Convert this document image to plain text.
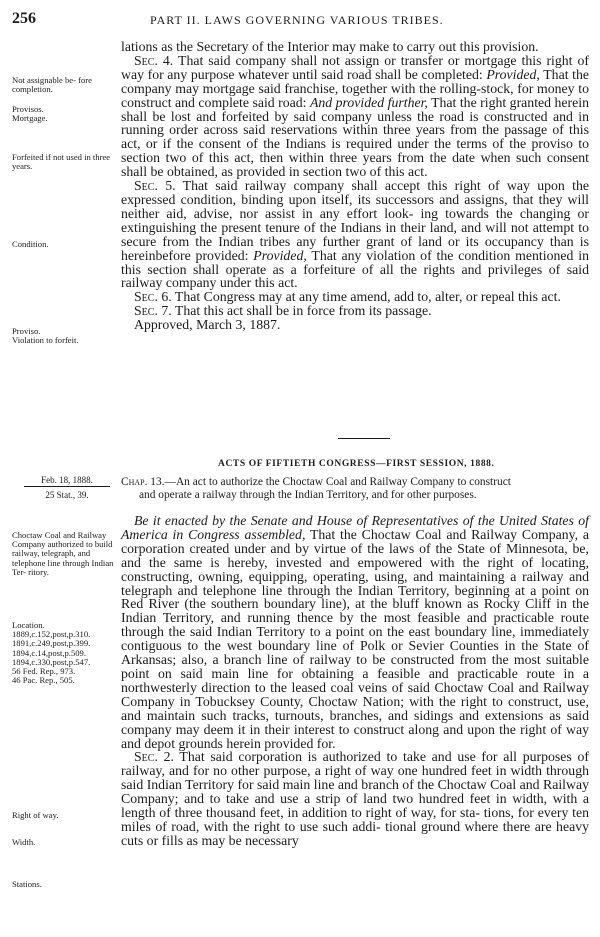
256	PART II. LAWS GOVERNING VARIOUS TRIBES.

lations as the Secretary of the Interior may make to carry out this provision.

Sec. 4. That said company shall not assign or transfer or mortgage this right of way for any purpose whatever until said road shall be completed: Provided, That the company may mortgage said franchise, together with the rolling-stock, for money to construct and complete said road: And provided further, That the right granted herein shall be lost and forfeited by said company unless the road is constructed and in running order across said reservations within three years from the passage of this act, or if the consent of the Indians is required under the terms of the proviso to section two of this act, then within three years from the date when such consent shall be obtained, as provided in section two of this act.

Sec. 5. That said railway company shall accept this right of way upon the expressed condition, binding upon itself, its successors and assigns, that they will neither aid, advise, nor assist in any effort look- ing towards the changing or extinguishing the present tenure of the Indians in their land, and will not attempt to secure from the Indian tribes any further grant of land or its occupancy than is hereinbefore provided: Provided, That any violation of the condition mentioned in this section shall operate as a forfeiture of all the rights and privileges of said railway company under this act.

Sec. 6. That Congress may at any time amend, add to, alter, or repeal this act.

Sec. 7. That this act shall be in force from its passage.

Approved, March 3, 1887.

Not assignable be- fore completion.
Provisos.
Mortgage.
Forfeited if not used in three years.
Condition.
Proviso.
Violation to forfeit.
ACTS OF FIFTIETH CONGRESS—FIRST SESSION, 1888.
Feb. 18, 1888.
25 Stat., 39.
Chap. 13.—An act to authorize the Choctaw Coal and Railway Company to construct
and operate a railway through the Indian Territory, and for other purposes.

Be it enacted by the Senate and House of Representatives of the United States of America in Congress assembled, That the Choctaw Coal and Railway Company, a corporation created under and by virtue of the laws of the State of Minnesota, be, and the same is hereby, invested and empowered with the right of locating, constructing, owning, equipping, operating, using, and maintaining a railway and telegraph and telephone line through the Indian Territory, beginning at a point on Red River (the southern boundary line), at the bluff known as Rocky Cliff in the Indian Territory, and running thence by the most feasible and practicable route through the said Indian Territory to a point on the east boundary line, immediately contiguous to the west boundary line of Polk or Sevier Counties in the State of Arkansas; also, a branch line of railway to be constructed from the most suitable point on said main line for obtaining a feasible and practicable route in a northwesterly direction to the leased coal veins of said Choctaw Coal and Railway Company in Tobucksey County, Choctaw Nation; with the right to construct, use, and maintain such tracks, turnouts, branches, and sidings and extensions as said company may deem it in their interest to construct along and upon the right of way and depot grounds herein provided for.

Sec. 2. That said corporation is authorized to take and use for all purposes of railway, and for no other purpose, a right of way one hundred feet in width through said Indian Territory for said main line and branch of the Choctaw Coal and Railway Company; and to take and use a strip of land two hundred feet in width, with a length of three thousand feet, in addition to right of way, for sta- tions, for every ten miles of road, with the right to use such addi- tional ground where there are heavy cuts or fills as may be necessary

Choctaw Coal and Railway Company authorized to build railway, telegraph, and telephone line through Indian Ter- ritory.
Location.
1889,c.152,post,p.310.
1891,c.249,post,p.399.
1894,c.14,post,p.509.
1894,c.330,post,p.547.
56 Fed. Rep., 973.
46 Pac. Rep., 505.
Right of way.
Width.
Stations.
